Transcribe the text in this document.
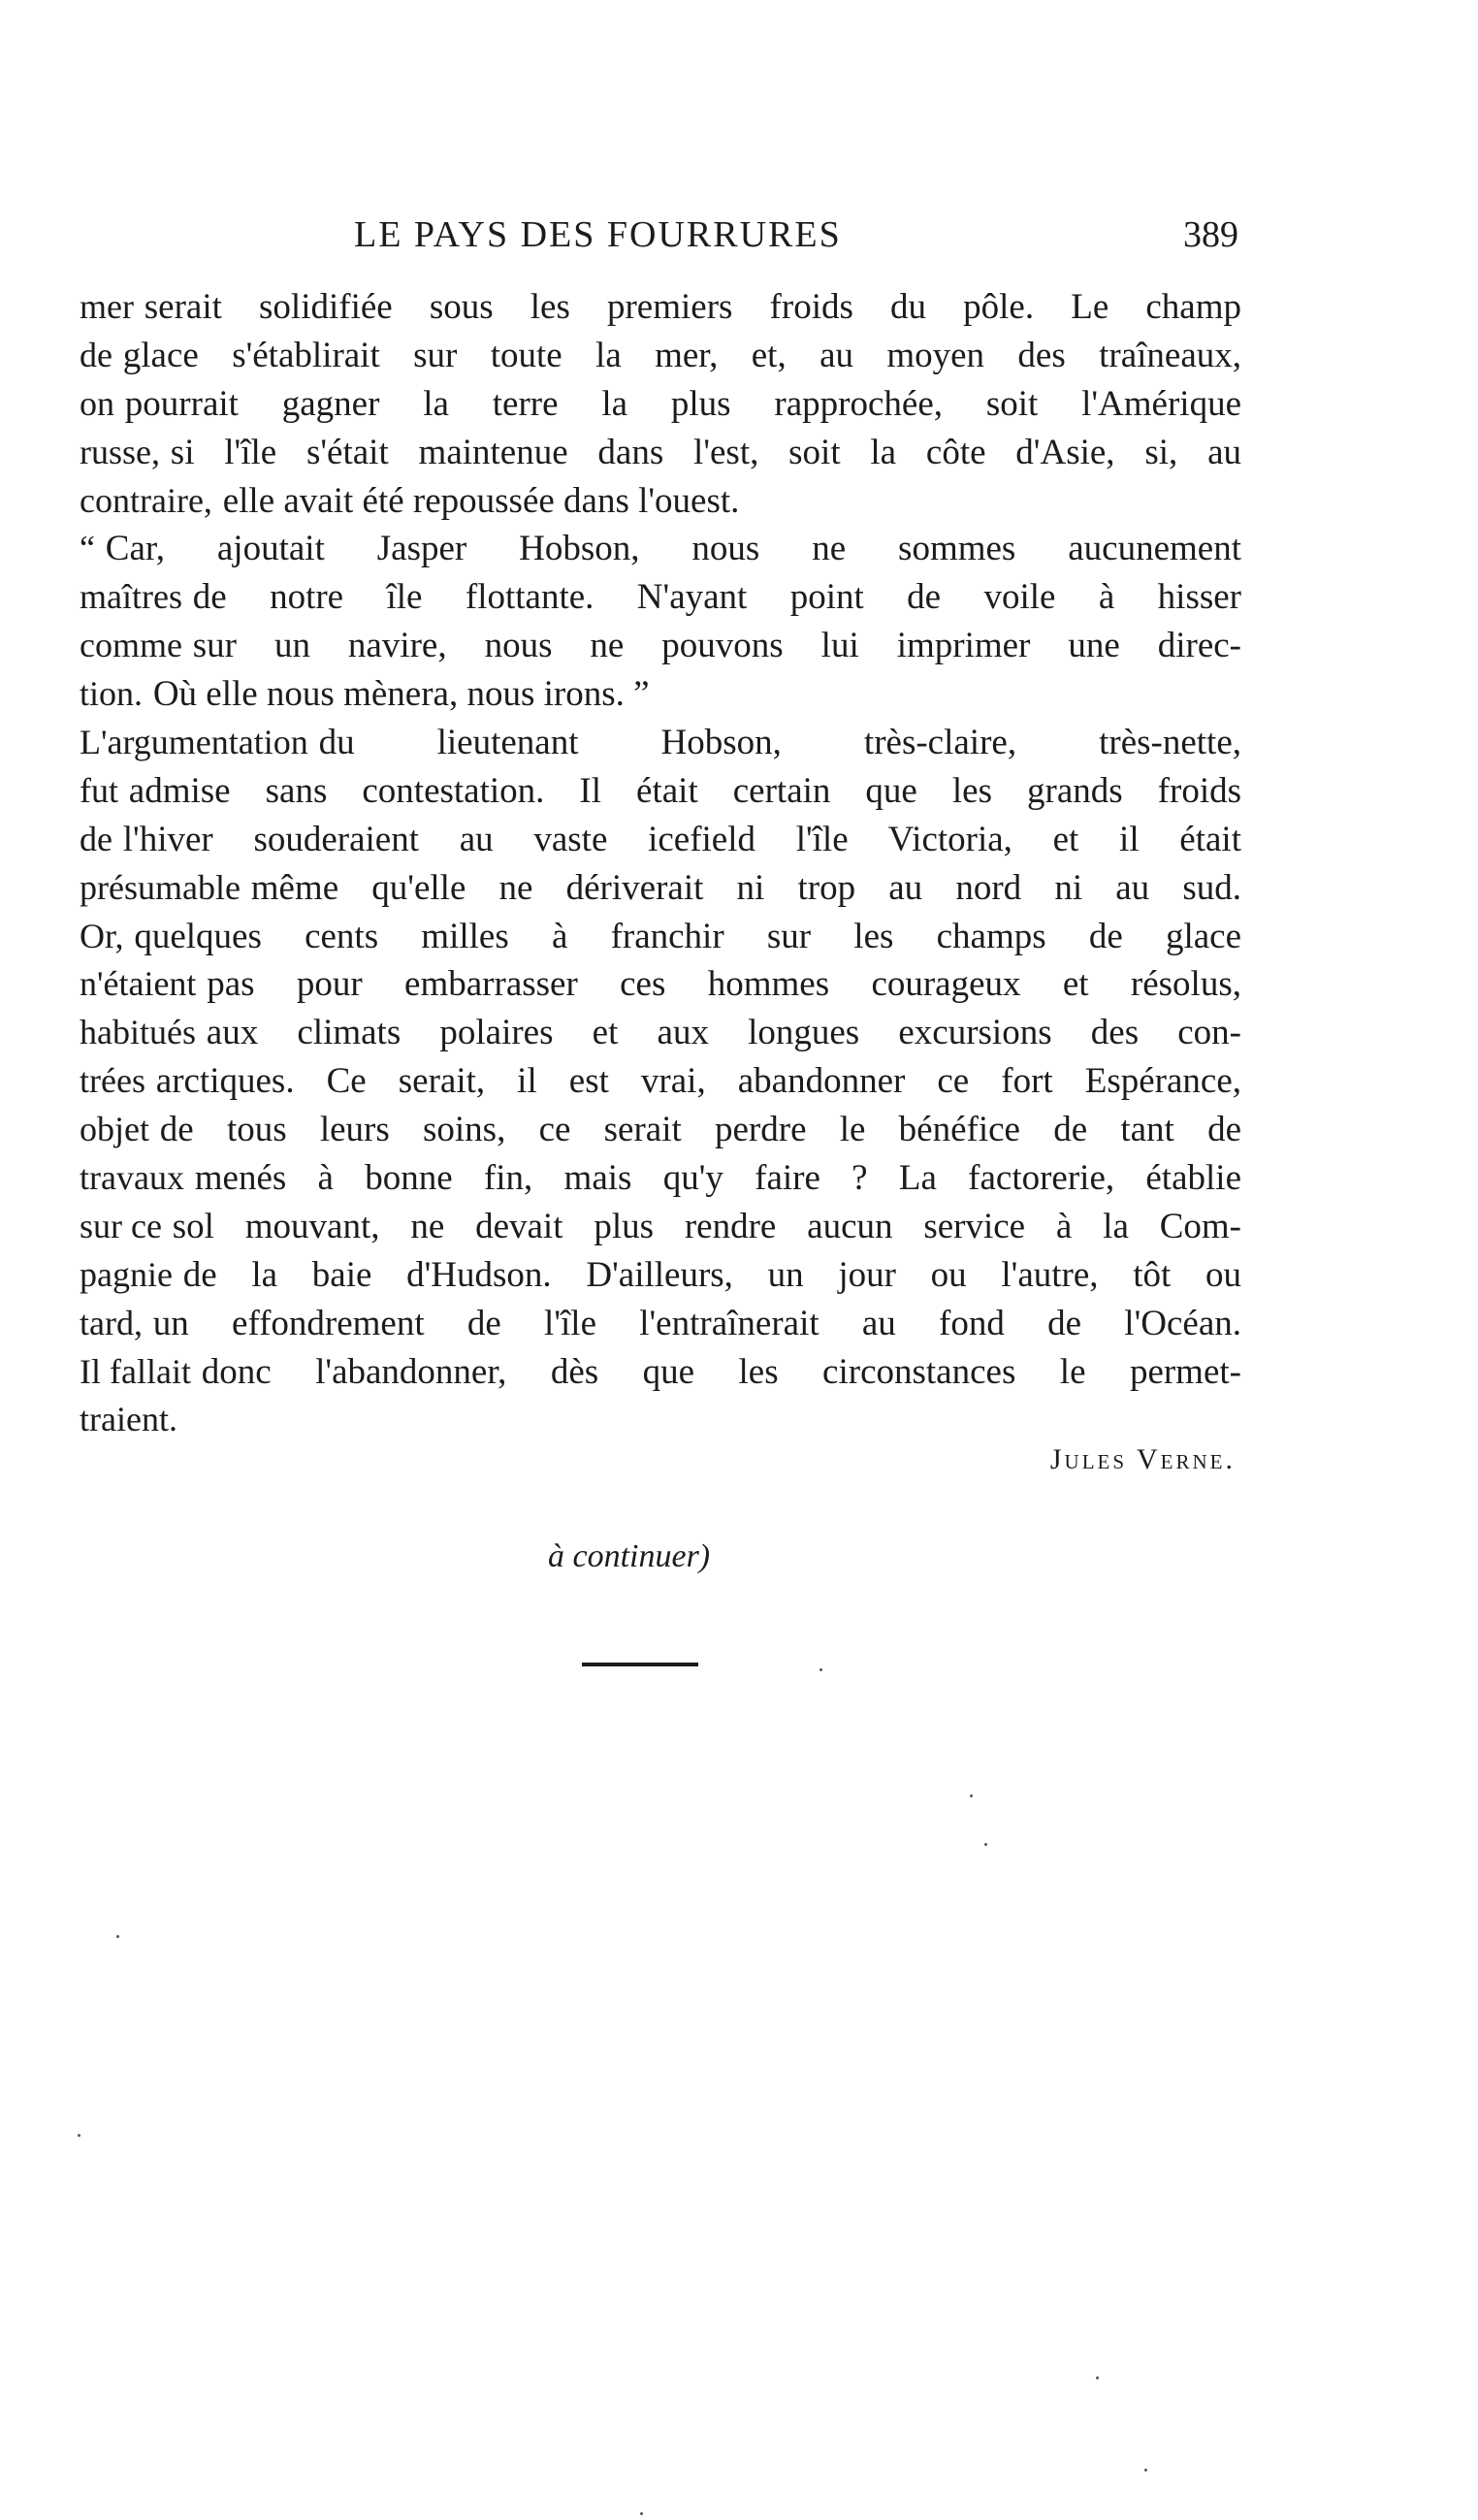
LE PAYS DES FOURRURES	389
mer serait solidifiée sous les premiers froids du pôle. Le champ
de glace s'établirait sur toute la mer, et, au moyen des traîneaux,
on pourrait gagner la terre la plus rapprochée, soit l'Amérique
russe, si l'île s'était maintenue dans l'est, soit la côte d'Asie, si, au
contraire, elle avait été repoussée dans l'ouest.
“ Car, ajoutait Jasper Hobson, nous ne sommes aucunement
maîtres de notre île flottante. N'ayant point de voile à hisser
comme sur un navire, nous ne pouvons lui imprimer une direc-
tion. Où elle nous mènera, nous irons. ”
L'argumentation du lieutenant Hobson, très-claire, très-nette,
fut admise sans contestation. Il était certain que les grands froids
de l'hiver souderaient au vaste icefield l'île Victoria, et il était
présumable même qu'elle ne dériverait ni trop au nord ni au sud.
Or, quelques cents milles à franchir sur les champs de glace
n'étaient pas pour embarrasser ces hommes courageux et résolus,
habitués aux climats polaires et aux longues excursions des con-
trées arctiques. Ce serait, il est vrai, abandonner ce fort Espérance,
objet de tous leurs soins, ce serait perdre le bénéfice de tant de
travaux menés à bonne fin, mais qu'y faire ? La factorerie, établie
sur ce sol mouvant, ne devait plus rendre aucun service à la Com-
pagnie de la baie d'Hudson. D'ailleurs, un jour ou l'autre, tôt ou
tard, un effondrement de l'île l'entraînerait au fond de l'Océan.
Il fallait donc l'abandonner, dès que les circonstances le permet-
traient.
Jules Verne.
à continuer)
